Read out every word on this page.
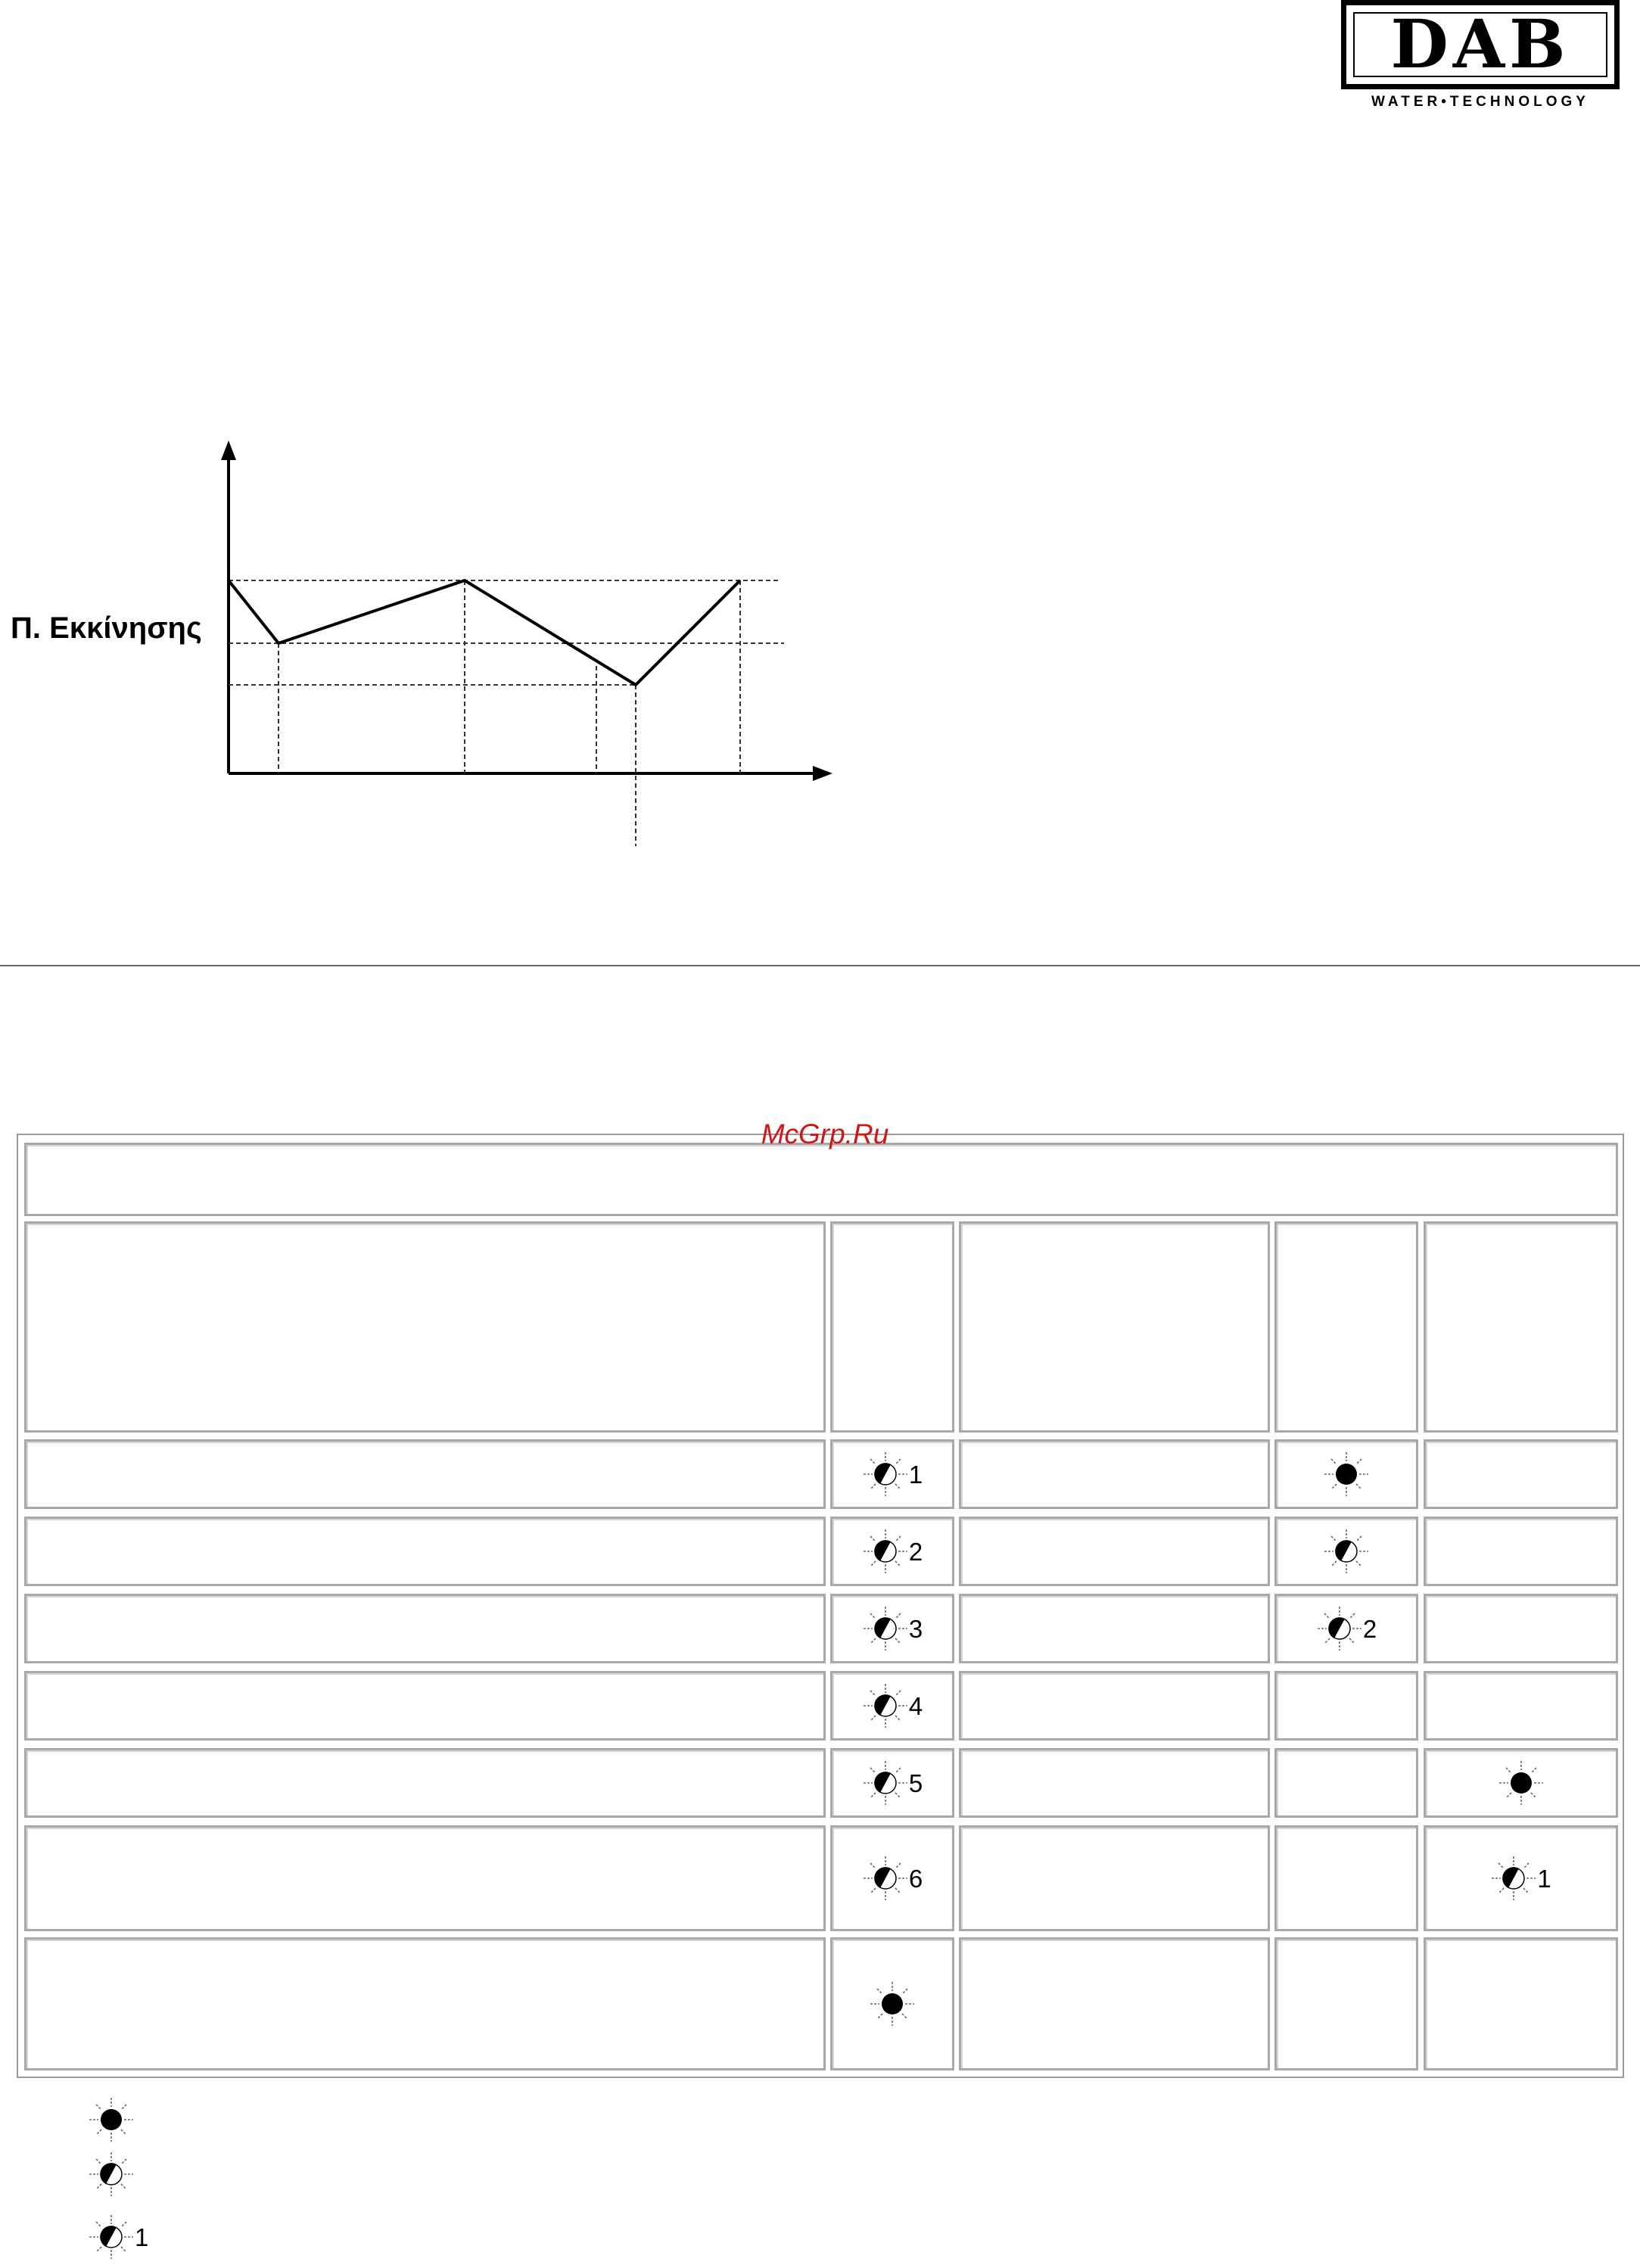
DAB
WATER•TECHNOLOGY
Π. Εκκίνησης
1
2
3	2
4
5
6	1
1
McGrp.Ru
